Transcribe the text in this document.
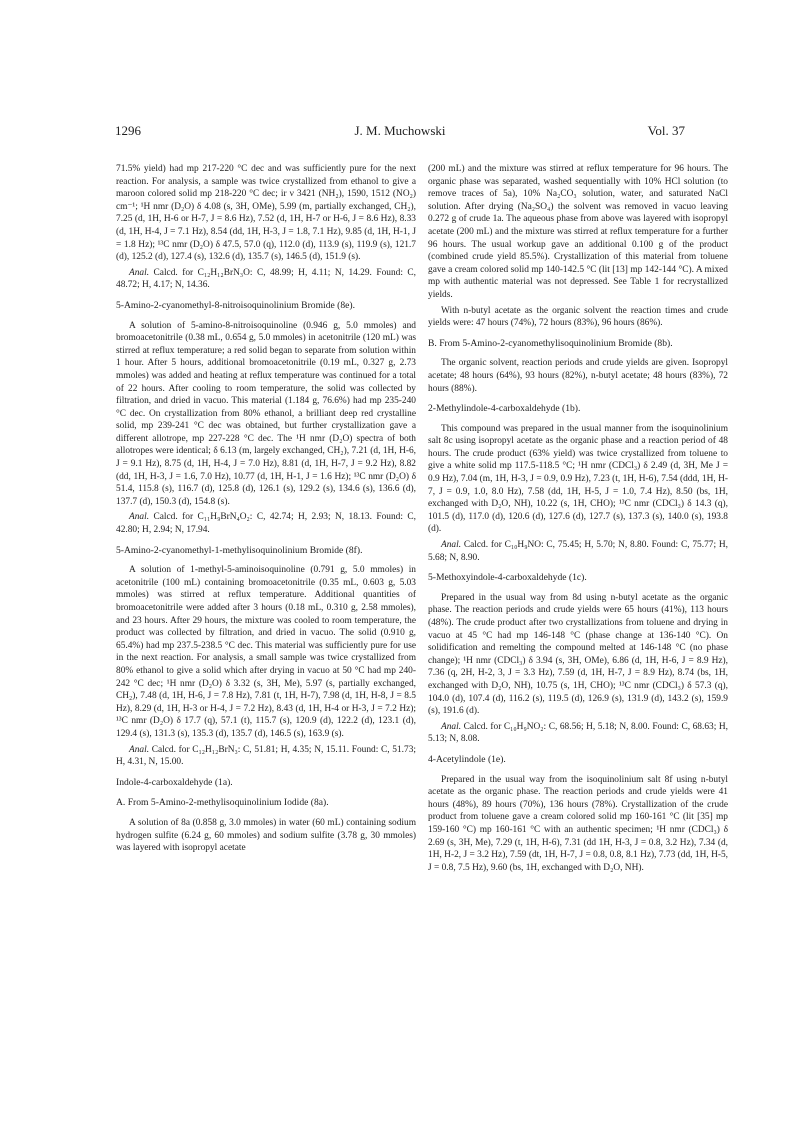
1296	J. M. Muchowski	Vol. 37

71.5% yield) had mp 217-220 °C dec and was sufficiently pure for the next reaction. For analysis, a sample was twice crystallized from ethanol to give a maroon colored solid mp 218-220 °C dec; ir ν 3421 (NH₂), 1590, 1512 (NO₂) cm⁻¹; ¹H nmr (D₂O) δ 4.08 (s, 3H, OMe), 5.99 (m, partially exchanged, CH₂), 7.25 (d, 1H, H-6 or H-7, J = 8.6 Hz), 7.52 (d, 1H, H-7 or H-6, J = 8.6 Hz), 8.33 (d, 1H, H-4, J = 7.1 Hz), 8.54 (dd, 1H, H-3, J = 1.8, 7.1 Hz), 9.85 (d, 1H, H-1, J = 1.8 Hz); ¹³C nmr (D₂O) δ 47.5, 57.0 (q), 112.0 (d), 113.9 (s), 119.9 (s), 121.7 (d), 125.2 (d), 127.4 (s), 132.6 (d), 135.7 (s), 146.5 (d), 151.9 (s).

Anal. Calcd. for C₁₂H₁₂BrN₃O: C, 48.99; H, 4.11; N, 14.29. Found: C, 48.72; H, 4.17; N, 14.36.

5-Amino-2-cyanomethyl-8-nitroisoquinolinium Bromide (8e).

A solution of 5-amino-8-nitroisoquinoline (0.946 g, 5.0 mmoles) and bromoacetonitrile (0.38 mL, 0.654 g, 5.0 mmoles) in acetonitrile (120 mL) was stirred at reflux temperature; a red solid began to separate from solution within 1 hour. After 5 hours, additional bromoacetonitrile (0.19 mL, 0.327 g, 2.73 mmoles) was added and heating at reflux temperature was continued for a total of 22 hours. After cooling to room temperature, the solid was collected by filtration, and dried in vacuo. This material (1.184 g, 76.6%) had mp 235-240 °C dec. On crystallization from 80% ethanol, a brilliant deep red crystalline solid, mp 239-241 °C dec was obtained, but further crystallization gave a different allotrope, mp 227-228 °C dec. The ¹H nmr (D₂O) spectra of both allotropes were identical; δ 6.13 (m, largely exchanged, CH₂), 7.21 (d, 1H, H-6, J = 9.1 Hz), 8.75 (d, 1H, H-4, J = 7.0 Hz), 8.81 (d, 1H, H-7, J = 9.2 Hz), 8.82 (dd, 1H, H-3, J = 1.6, 7.0 Hz), 10.77 (d, 1H, H-1, J = 1.6 Hz); ¹³C nmr (D₂O) δ 51.4, 115.8 (s), 116.7 (d), 125.8 (d), 126.1 (s), 129.2 (s), 134.6 (s), 136.6 (d), 137.7 (d), 150.3 (d), 154.8 (s).

Anal. Calcd. for C₁₁H₉BrN₄O₂: C, 42.74; H, 2.93; N, 18.13. Found: C, 42.80; H, 2.94; N, 17.94.

5-Amino-2-cyanomethyl-1-methylisoquinolinium Bromide (8f).

A solution of 1-methyl-5-aminoisoquinoline (0.791 g, 5.0 mmoles) in acetonitrile (100 mL) containing bromoacetonitrile (0.35 mL, 0.603 g, 5.03 mmoles) was stirred at reflux temperature. Additional quantities of bromoacetonitrile were added after 3 hours (0.18 mL, 0.310 g, 2.58 mmoles), and 23 hours. After 29 hours, the mixture was cooled to room temperature, the product was collected by filtration, and dried in vacuo. The solid (0.910 g, 65.4%) had mp 237.5-238.5 °C dec. This material was sufficiently pure for use in the next reaction. For analysis, a small sample was twice crystallized from 80% ethanol to give a solid which after drying in vacuo at 50 °C had mp 240-242 °C dec; ¹H nmr (D₂O) δ 3.32 (s, 3H, Me), 5.97 (s, partially exchanged, CH₂), 7.48 (d, 1H, H-6, J = 7.8 Hz), 7.81 (t, 1H, H-7), 7.98 (d, 1H, H-8, J = 8.5 Hz), 8.29 (d, 1H, H-3 or H-4, J = 7.2 Hz), 8.43 (d, 1H, H-4 or H-3, J = 7.2 Hz); ¹³C nmr (D₂O) δ 17.7 (q), 57.1 (t), 115.7 (s), 120.9 (d), 122.2 (d), 123.1 (d), 129.4 (s), 131.3 (s), 135.3 (d), 135.7 (d), 146.5 (s), 163.9 (s).

Anal. Calcd. for C₁₂H₁₂BrN₃: C, 51.81; H, 4.35; N, 15.11. Found: C, 51.73; H, 4.31, N, 15.00.

Indole-4-carboxaldehyde (1a).
A. From 5-Amino-2-methylisoquinolinium Iodide (8a).

A solution of 8a (0.858 g, 3.0 mmoles) in water (60 mL) containing sodium hydrogen sulfite (6.24 g, 60 mmoles) and sodium sulfite (3.78 g, 30 mmoles) was layered with isopropyl acetate

(200 mL) and the mixture was stirred at reflux temperature for 96 hours. The organic phase was separated, washed sequentially with 10% HCl solution (to remove traces of 5a), 10% Na₂CO₃ solution, water, and saturated NaCl solution. After drying (Na₂SO₄) the solvent was removed in vacuo leaving 0.272 g of crude 1a. The aqueous phase from above was layered with isopropyl acetate (200 mL) and the mixture was stirred at reflux temperature for a further 96 hours. The usual workup gave an additional 0.100 g of the product (combined crude yield 85.5%). Crystallization of this material from toluene gave a cream colored solid mp 140-142.5 °C (lit [13] mp 142-144 °C). A mixed mp with authentic material was not depressed. See Table 1 for recrystallized yields.

With n-butyl acetate as the organic solvent the reaction times and crude yields were: 47 hours (74%), 72 hours (83%), 96 hours (86%).

B. From 5-Amino-2-cyanomethylisoquinolinium Bromide (8b).

The organic solvent, reaction periods and crude yields are given. Isopropyl acetate; 48 hours (64%), 93 hours (82%), n-butyl acetate; 48 hours (83%), 72 hours (88%).

2-Methylindole-4-carboxaldehyde (1b).

This compound was prepared in the usual manner from the isoquinolinium salt 8c using isopropyl acetate as the organic phase and a reaction period of 48 hours. The crude product (63% yield) was twice crystallized from toluene to give a white solid mp 117.5-118.5 °C; ¹H nmr (CDCl₃) δ 2.49 (d, 3H, Me J = 0.9 Hz), 7.04 (m, 1H, H-3, J = 0.9, 0.9 Hz), 7.23 (t, 1H, H-6), 7.54 (ddd, 1H, H-7, J = 0.9, 1.0, 8.0 Hz), 7.58 (dd, 1H, H-5, J = 1.0, 7.4 Hz), 8.50 (bs, 1H, exchanged with D₂O, NH), 10.22 (s, 1H, CHO); ¹³C nmr (CDCl₃) δ 14.3 (q), 101.5 (d), 117.0 (d), 120.6 (d), 127.6 (d), 127.7 (s), 137.3 (s), 140.0 (s), 193.8 (d).

Anal. Calcd. for C₁₀H₉NO: C, 75.45; H, 5.70; N, 8.80. Found: C, 75.77; H, 5.68; N, 8.90.

5-Methoxyindole-4-carboxaldehyde (1c).

Prepared in the usual way from 8d using n-butyl acetate as the organic phase. The reaction periods and crude yields were 65 hours (41%), 113 hours (48%). The crude product after two crystallizations from toluene and drying in vacuo at 45 °C had mp 146-148 °C (phase change at 136-140 °C). On solidification and remelting the compound melted at 146-148 °C (no phase change); ¹H nmr (CDCl₃) δ 3.94 (s, 3H, OMe), 6.86 (d, 1H, H-6, J = 8.9 Hz), 7.36 (q, 2H, H-2, 3, J = 3.3 Hz), 7.59 (d, 1H, H-7, J = 8.9 Hz), 8.74 (bs, 1H, exchanged with D₂O, NH), 10.75 (s, 1H, CHO); ¹³C nmr (CDCl₃) δ 57.3 (q), 104.0 (d), 107.4 (d), 116.2 (s), 119.5 (d), 126.9 (s), 131.9 (d), 143.2 (s), 159.9 (s), 191.6 (d).

Anal. Calcd. for C₁₀H₉NO₂: C, 68.56; H, 5.18; N, 8.00. Found: C, 68.63; H, 5.13; N, 8.08.

4-Acetylindole (1e).

Prepared in the usual way from the isoquinolinium salt 8f using n-butyl acetate as the organic phase. The reaction periods and crude yields were 41 hours (48%), 89 hours (70%), 136 hours (78%). Crystallization of the crude product from toluene gave a cream colored solid mp 160-161 °C (lit [35] mp 159-160 °C) mp 160-161 °C with an authentic specimen; ¹H nmr (CDCl₃) δ 2.69 (s, 3H, Me), 7.29 (t, 1H, H-6), 7.31 (dd 1H, H-3, J = 0.8, 3.2 Hz), 7.34 (d, 1H, H-2, J = 3.2 Hz), 7.59 (dt, 1H, H-7, J = 0.8, 0.8, 8.1 Hz), 7.73 (dd, 1H, H-5, J = 0.8, 7.5 Hz), 9.60 (bs, 1H, exchanged with D₂O, NH).
